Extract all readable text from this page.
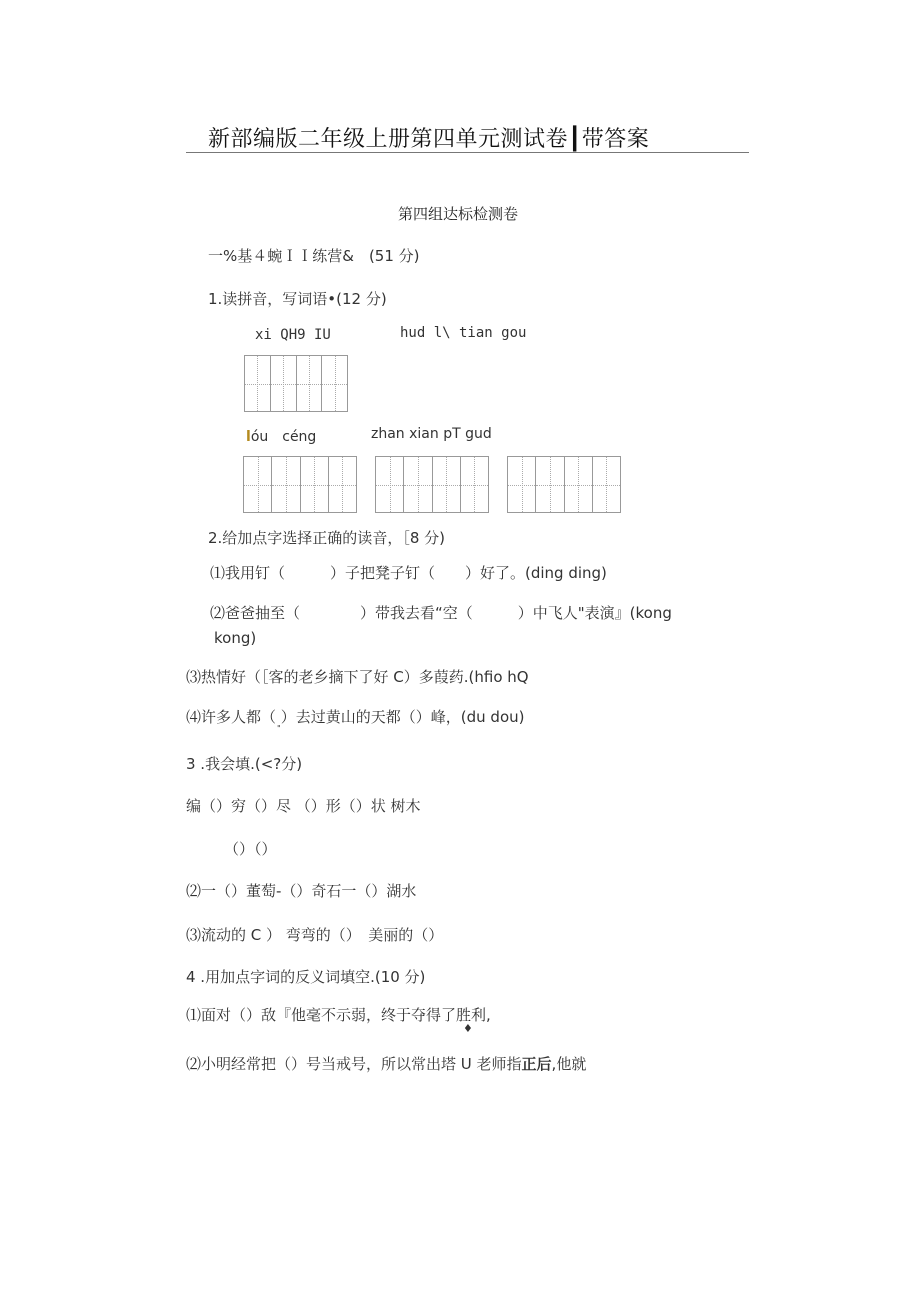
新部编版二年级上册第四单元测试卷┃带答案
第四组达标检测卷
一%基４蜿ＩＩ练营&　(51 分)
1.读拼音，写词语•(12 分)
xi QH9 IU	hud l\ tian gou
lóu　céng	zhan xian pT gud
2.给加点字选择正确的读音，［8 分)
⑴我用钉（　　　）子把凳子钉（　　）好了。(ding ding)
⑵爸爸抽至（　　　　）带我去看“空（　　　）中飞人"表演』(kong
kong)
⑶热情好（［客的老乡摘下了好 C）多葭药.(hfio hQ
⑷许多人都（ ）去过黄山的天都（）峰，(du dou)
"
3 .我会填.(<?分)
编（）穷（）尽 （）形（）状 树木
（）（）
⑵一（）董萄-（）奇石一（）湖水
⑶流动的 C ） 弯弯的（）　美丽的（）
4 .用加点字词的反义词填空.(10 分)
⑴面对（）敌『他毫不示弱，终于夺得了胜利,
♦
⑵小明经常把（）号当戒号，所以常出塔 U 老师指正后,他就
